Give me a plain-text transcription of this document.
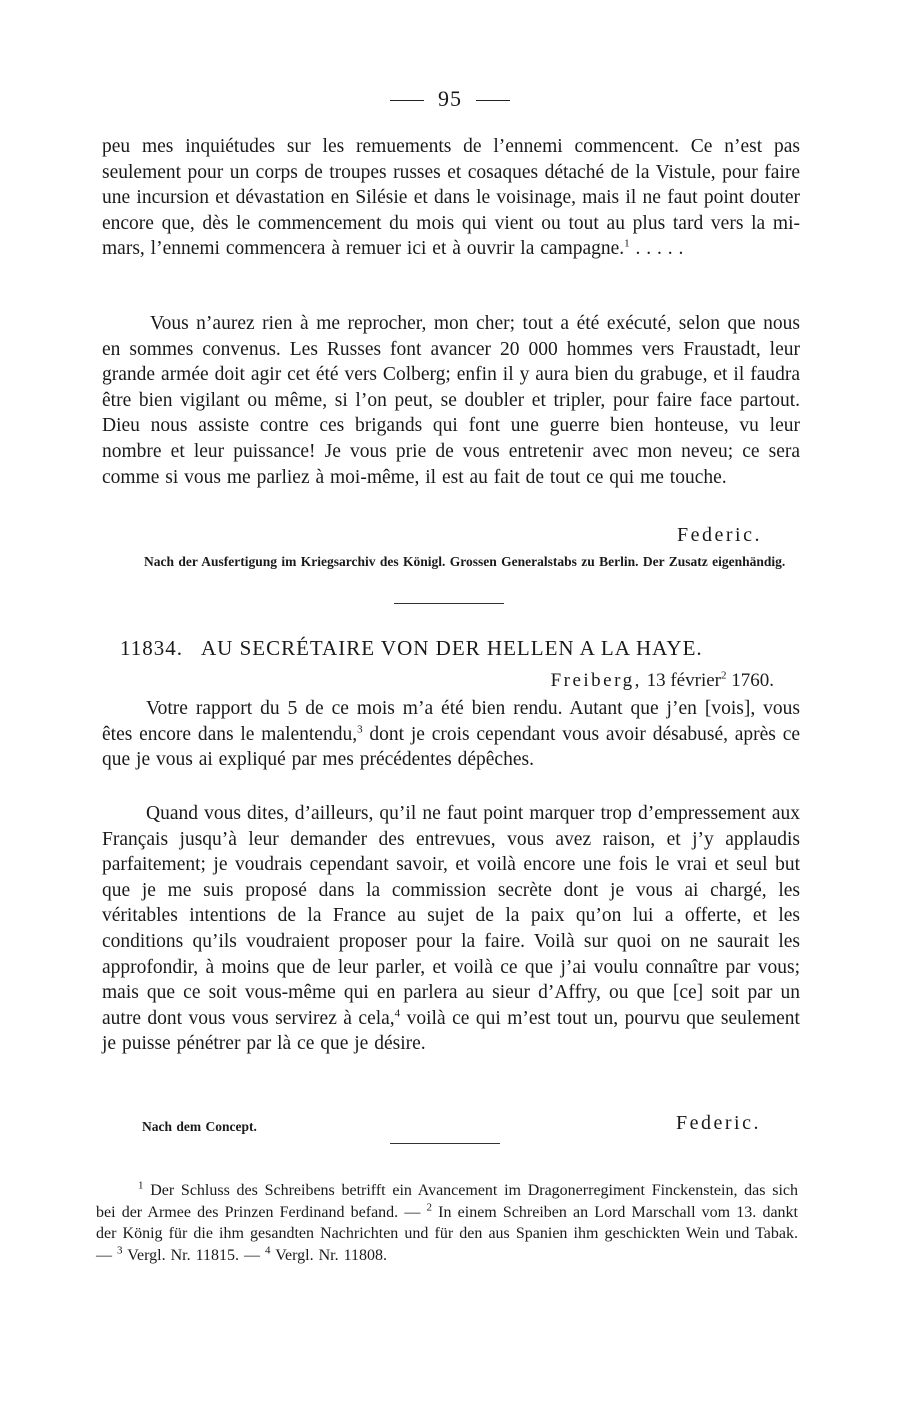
95
peu mes inquiétudes sur les remuements de l’ennemi commencent. Ce n’est pas seulement pour un corps de troupes russes et cosaques détaché de la Vistule, pour faire une incursion et dévastation en Silésie et dans le voisinage, mais il ne faut point douter encore que, dès le commencement du mois qui vient ou tout au plus tard vers la mi-mars, l’ennemi commencera à remuer ici et à ouvrir la campagne.$^1$ . . . . .
Vous n’aurez rien à me reprocher, mon cher; tout a été exécuté, selon que nous en sommes convenus. Les Russes font avancer 20 000 hommes vers Fraustadt, leur grande armée doit agir cet été vers Colberg; enfin il y aura bien du grabuge, et il faudra être bien vigilant ou même, si l’on peut, se doubler et tripler, pour faire face partout. Dieu nous assiste contre ces brigands qui font une guerre bien honteuse, vu leur nombre et leur puissance! Je vous prie de vous entretenir avec mon neveu; ce sera comme si vous me parliez à moi-même, il est au fait de tout ce qui me touche.
Federic.
Nach der Ausfertigung im Kriegsarchiv des Königl. Grossen Generalstabs zu Berlin. Der Zusatz eigenhändig.
11834. AU SECRÉTAIRE VON DER HELLEN A LA HAYE.
Freiberg, 13 février$^2$ 1760.
Votre rapport du 5 de ce mois m’a été bien rendu. Autant que j’en [vois], vous êtes encore dans le malentendu,$^3$ dont je crois cependant vous avoir désabusé, après ce que je vous ai expliqué par mes précédentes dépêches.
Quand vous dites, d’ailleurs, qu’il ne faut point marquer trop d’empressement aux Français jusqu’à leur demander des entrevues, vous avez raison, et j’y applaudis parfaitement; je voudrais cependant savoir, et voilà encore une fois le vrai et seul but que je me suis proposé dans la commission secrète dont je vous ai chargé, les véritables intentions de la France au sujet de la paix qu’on lui a offerte, et les conditions qu’ils voudraient proposer pour la faire. Voilà sur quoi on ne saurait les approfondir, à moins que de leur parler, et voilà ce que j’ai voulu connaître par vous; mais que ce soit vous-même qui en parlera au sieur d’Affry, ou que [ce] soit par un autre dont vous vous servirez à cela,$^4$ voilà ce qui m’est tout un, pourvu que seulement je puisse pénétrer par là ce que je désire.
Nach dem Concept.	Federic.
$^1$ Der Schluss des Schreibens betrifft ein Avancement im Dragonerregiment Finckenstein, das sich bei der Armee des Prinzen Ferdinand befand. — $^2$ In einem Schreiben an Lord Marschall vom 13. dankt der König für die ihm gesandten Nachrichten und für den aus Spanien ihm geschickten Wein und Tabak. — $^3$ Vergl. Nr. 11815. — $^4$ Vergl. Nr. 11808.
